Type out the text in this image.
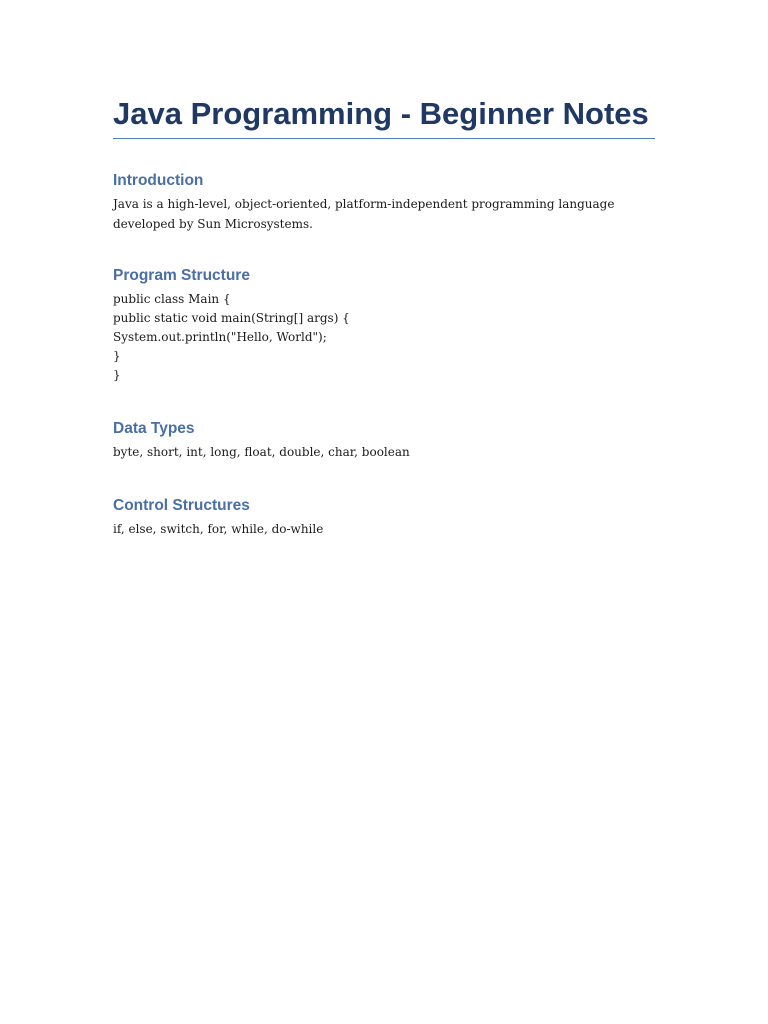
Java Programming - Beginner Notes
Introduction

Java is a high-level, object-oriented, platform-independent programming language developed by Sun Microsystems.

Program Structure
public class Main {
public static void main(String[] args) {
System.out.println("Hello, World");
}
}
Data Types

byte, short, int, long, float, double, char, boolean

Control Structures

if, else, switch, for, while, do-while
